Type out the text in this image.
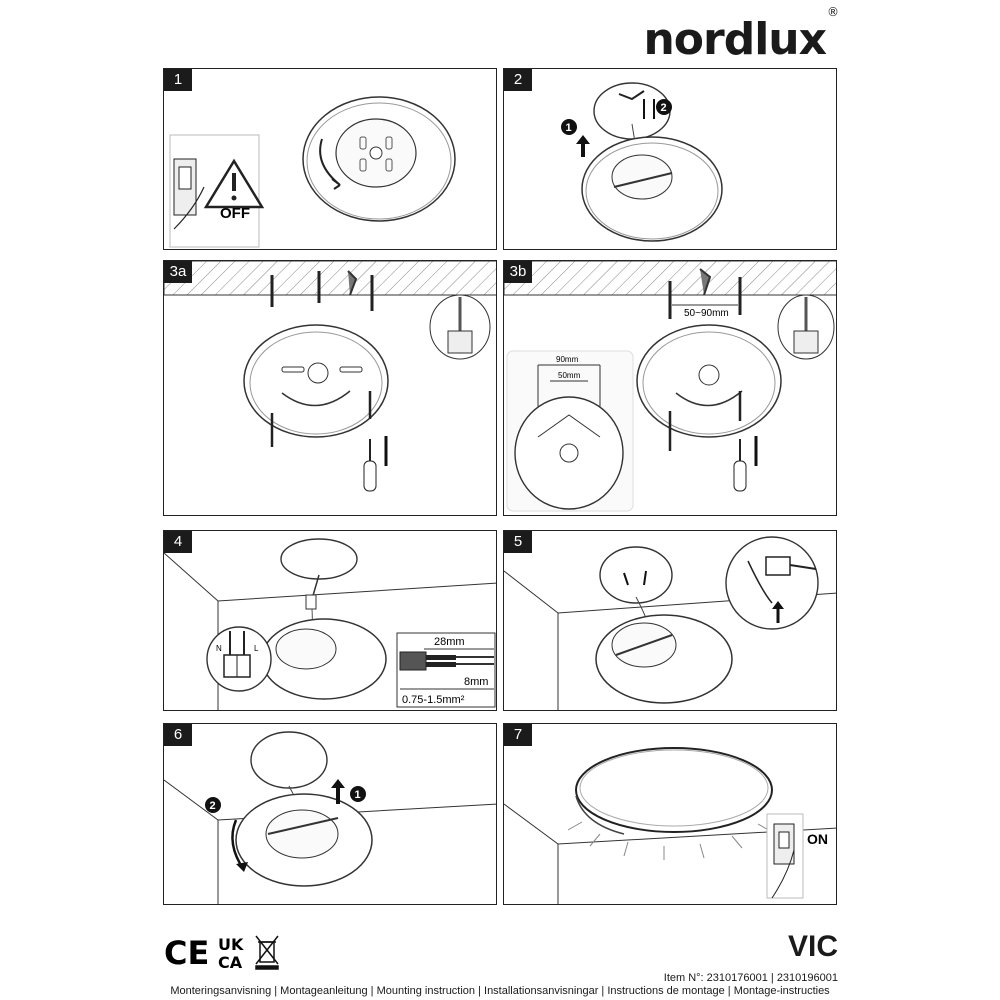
nordlux®
1
OFF
2
1
2
3a	3b
50~90mm
90mm
50mm
4
N	L
28mm
8mm
0.75-1.5mm²
5
6
1
2
7
ON
CE UK
CA	VIC
Item N°: 2310176001 | 2310196001
Monteringsanvisning | Montageanleitung | Mounting instruction | Installationsanvisningar | Instructions de montage | Montage-instructies
